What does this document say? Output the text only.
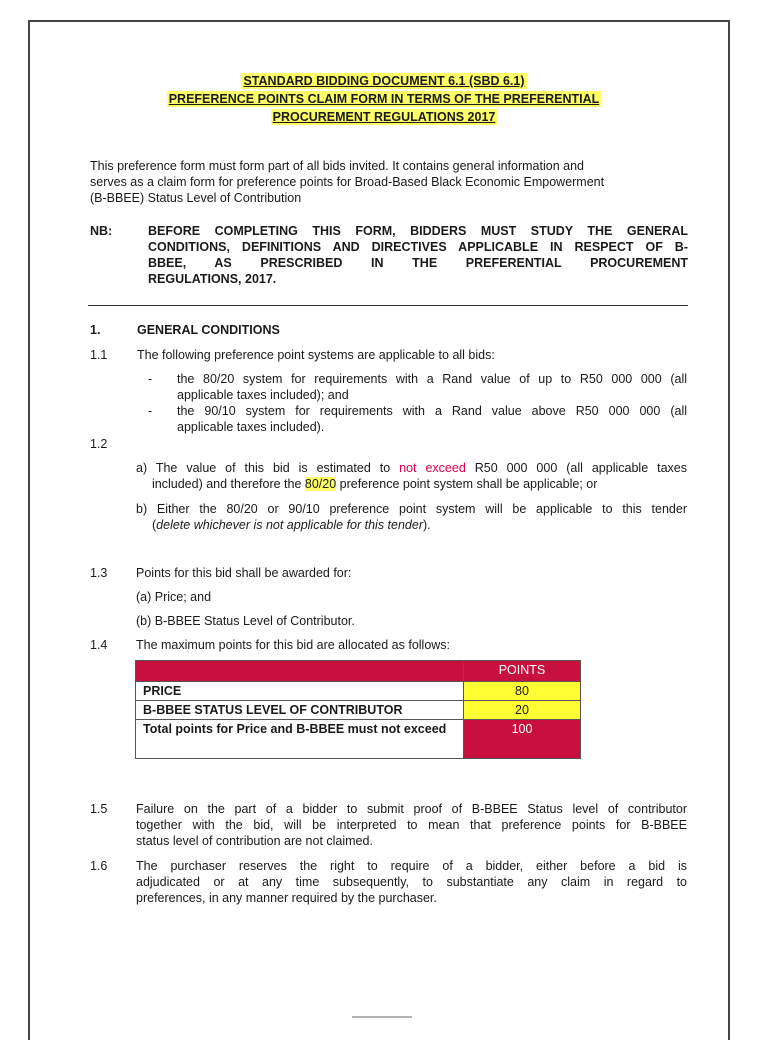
STANDARD BIDDING DOCUMENT 6.1 (SBD 6.1)
PREFERENCE POINTS CLAIM FORM IN TERMS OF THE PREFERENTIAL
PROCUREMENT REGULATIONS 2017
This preference form must form part of all bids invited. It contains general information and
serves as a claim form for preference points for Broad-Based Black Economic Empowerment
(B-BBEE) Status Level of Contribution
NB:	BEFORE COMPLETING THIS FORM, BIDDERS MUST STUDY THE GENERAL
CONDITIONS, DEFINITIONS AND DIRECTIVES APPLICABLE IN RESPECT OF B-
BBEE, AS PRESCRIBED IN THE PREFERENTIAL PROCUREMENT
REGULATIONS, 2017.
1.	GENERAL CONDITIONS
1.1 The following preference point systems are applicable to all bids:
- the 80/20 system for requirements with a Rand value of up to R50 000 000 (all
applicable taxes included); and
- the 90/10 system for requirements with a Rand value above R50 000 000 (all
applicable taxes included).
1.2
a) The value of this bid is estimated to not exceed R50 000 000 (all applicable taxes
included) and therefore the 80/20 preference point system shall be applicable; or
b) Either the 80/20 or 90/10 preference point system will be applicable to this tender
(delete whichever is not applicable for this tender).
1.3 Points for this bid shall be awarded for:
(a) Price; and
(b) B-BBEE Status Level of Contributor.
1.4 The maximum points for this bid are allocated as follows:
	POINTS
PRICE	80
B-BBEE STATUS LEVEL OF CONTRIBUTOR	20
Total points for Price and B-BBEE must not exceed	100
1.5 Failure on the part of a bidder to submit proof of B-BBEE Status level of contributor
together with the bid, will be interpreted to mean that preference points for B-BBEE
status level of contribution are not claimed.
1.6 The purchaser reserves the right to require of a bidder, either before a bid is
adjudicated or at any time subsequently, to substantiate any claim in regard to
preferences, in any manner required by the purchaser.
